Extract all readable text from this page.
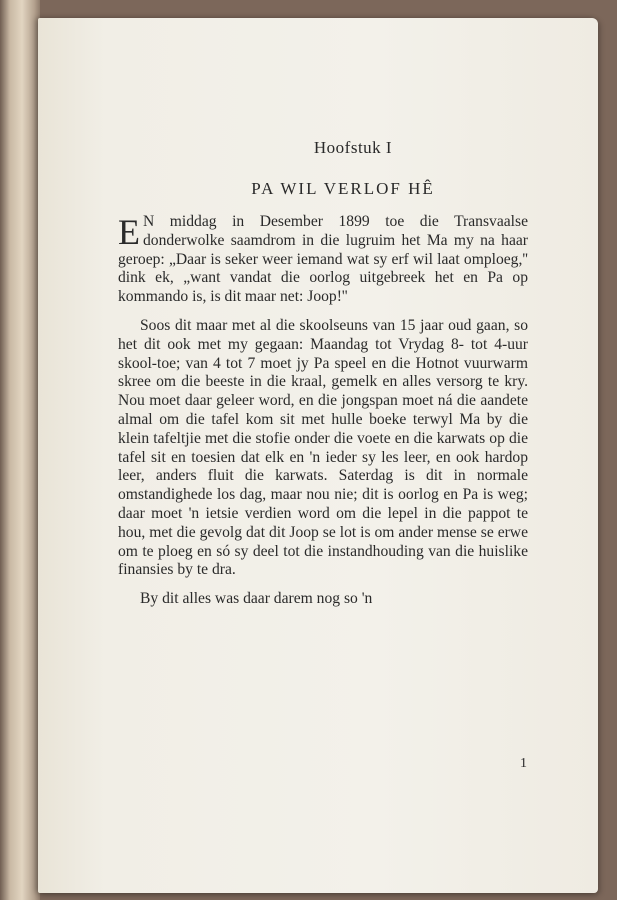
Hoofstuk I
PA WIL VERLOF HÊ

E N middag in Desember 1899 toe die Transvaalse donderwolke saamdrom in die lugruim het Ma my na haar geroep: „Daar is seker weer iemand wat sy erf wil laat omploeg,'' dink ek, „want vandat die oorlog uitgebreek het en Pa op kommando is, is dit maar net: Joop!''

Soos dit maar met al die skoolseuns van 15 jaar oud gaan, so het dit ook met my gegaan: Maandag tot Vrydag 8- tot 4-uur skool-toe; van 4 tot 7 moet jy Pa speel en die Hotnot vuurwarm skree om die beeste in die kraal, gemelk en alles versorg te kry. Nou moet daar geleer word, en die jongspan moet ná die aandete almal om die tafel kom sit met hulle boeke terwyl Ma by die klein tafeltjie met die stofie onder die voete en die karwats op die tafel sit en toesien dat elk en 'n ieder sy les leer, en ook hardop leer, anders fluit die karwats. Saterdag is dit in normale omstandighede los dag, maar nou nie; dit is oorlog en Pa is weg; daar moet 'n ietsie verdien word om die lepel in die pappot te hou, met die gevolg dat dit Joop se lot is om ander mense se erwe om te ploeg en só sy deel tot die instandhouding van die huislike finansies by te dra.

By dit alles was daar darem nog so 'n

1
